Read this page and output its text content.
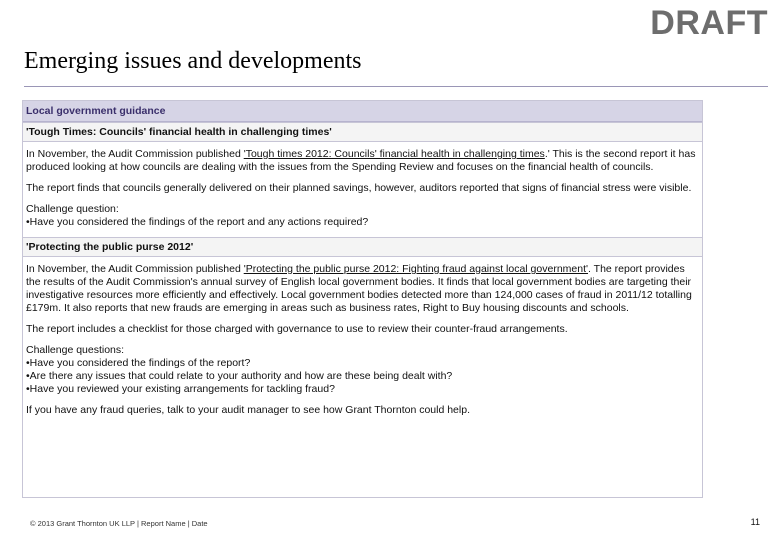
DRAFT
Emerging issues and developments
Local government guidance
'Tough Times: Councils' financial health in challenging times'

In November, the Audit Commission published 'Tough times 2012: Councils' financial health in challenging times.' This is the second report it has produced looking at how councils are dealing with the issues from the Spending Review and focuses on the financial health of councils.

The report finds that councils generally delivered on their planned savings, however, auditors reported that signs of financial stress were visible.

Challenge question:
•Have you considered the findings of the report and any actions required?

'Protecting the public purse 2012'

In November, the Audit Commission published 'Protecting the public purse 2012: Fighting fraud against local government'. The report provides the results of the Audit Commission's annual survey of English local government bodies. It finds that local government bodies are targeting their investigative resources more efficiently and effectively. Local government bodies detected more than 124,000 cases of fraud in 2011/12 totalling £179m. It also reports that new frauds are emerging in areas such as business rates, Right to Buy housing discounts and schools.

The report includes a checklist for those charged with governance to use to review their counter-fraud arrangements.

Challenge questions:
•Have you considered the findings of the report?
•Are there any issues that could relate to your authority and how are these being dealt with?
•Have you reviewed your existing arrangements for tackling fraud?

If you have any fraud queries, talk to your audit manager to see how Grant Thornton could help.

© 2013 Grant Thornton UK LLP | Report Name | Date	11
